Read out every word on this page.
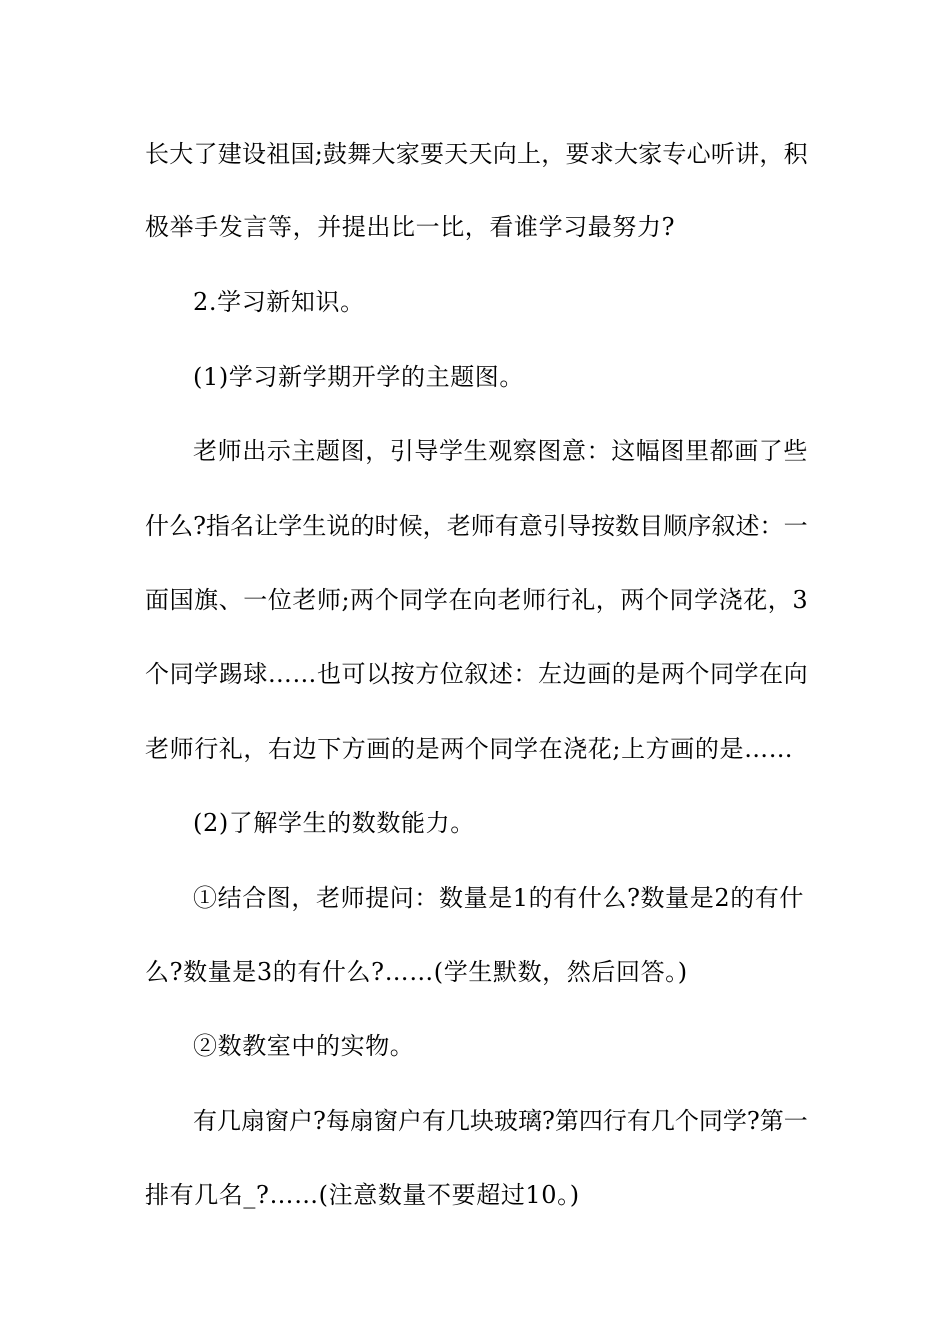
长大了建设祖国;鼓舞大家要天天向上，要求大家专心听讲，积
极举手发言等，并提出比一比，看谁学习最努力?
2.学习新知识。
(1)学习新学期开学的主题图。
老师出示主题图，引导学生观察图意：这幅图里都画了些
什么?指名让学生说的时候，老师有意引导按数目顺序叙述：一
面国旗、一位老师;两个同学在向老师行礼，两个同学浇花，3
个同学踢球……也可以按方位叙述：左边画的是两个同学在向
老师行礼，右边下方画的是两个同学在浇花;上方画的是……
(2)了解学生的数数能力。
①结合图，老师提问：数量是1的有什么?数量是2的有什
么?数量是3的有什么?……(学生默数，然后回答。)
②数教室中的实物。
有几扇窗户?每扇窗户有几块玻璃?第四行有几个同学?第一
排有几名_?……(注意数量不要超过10。)
